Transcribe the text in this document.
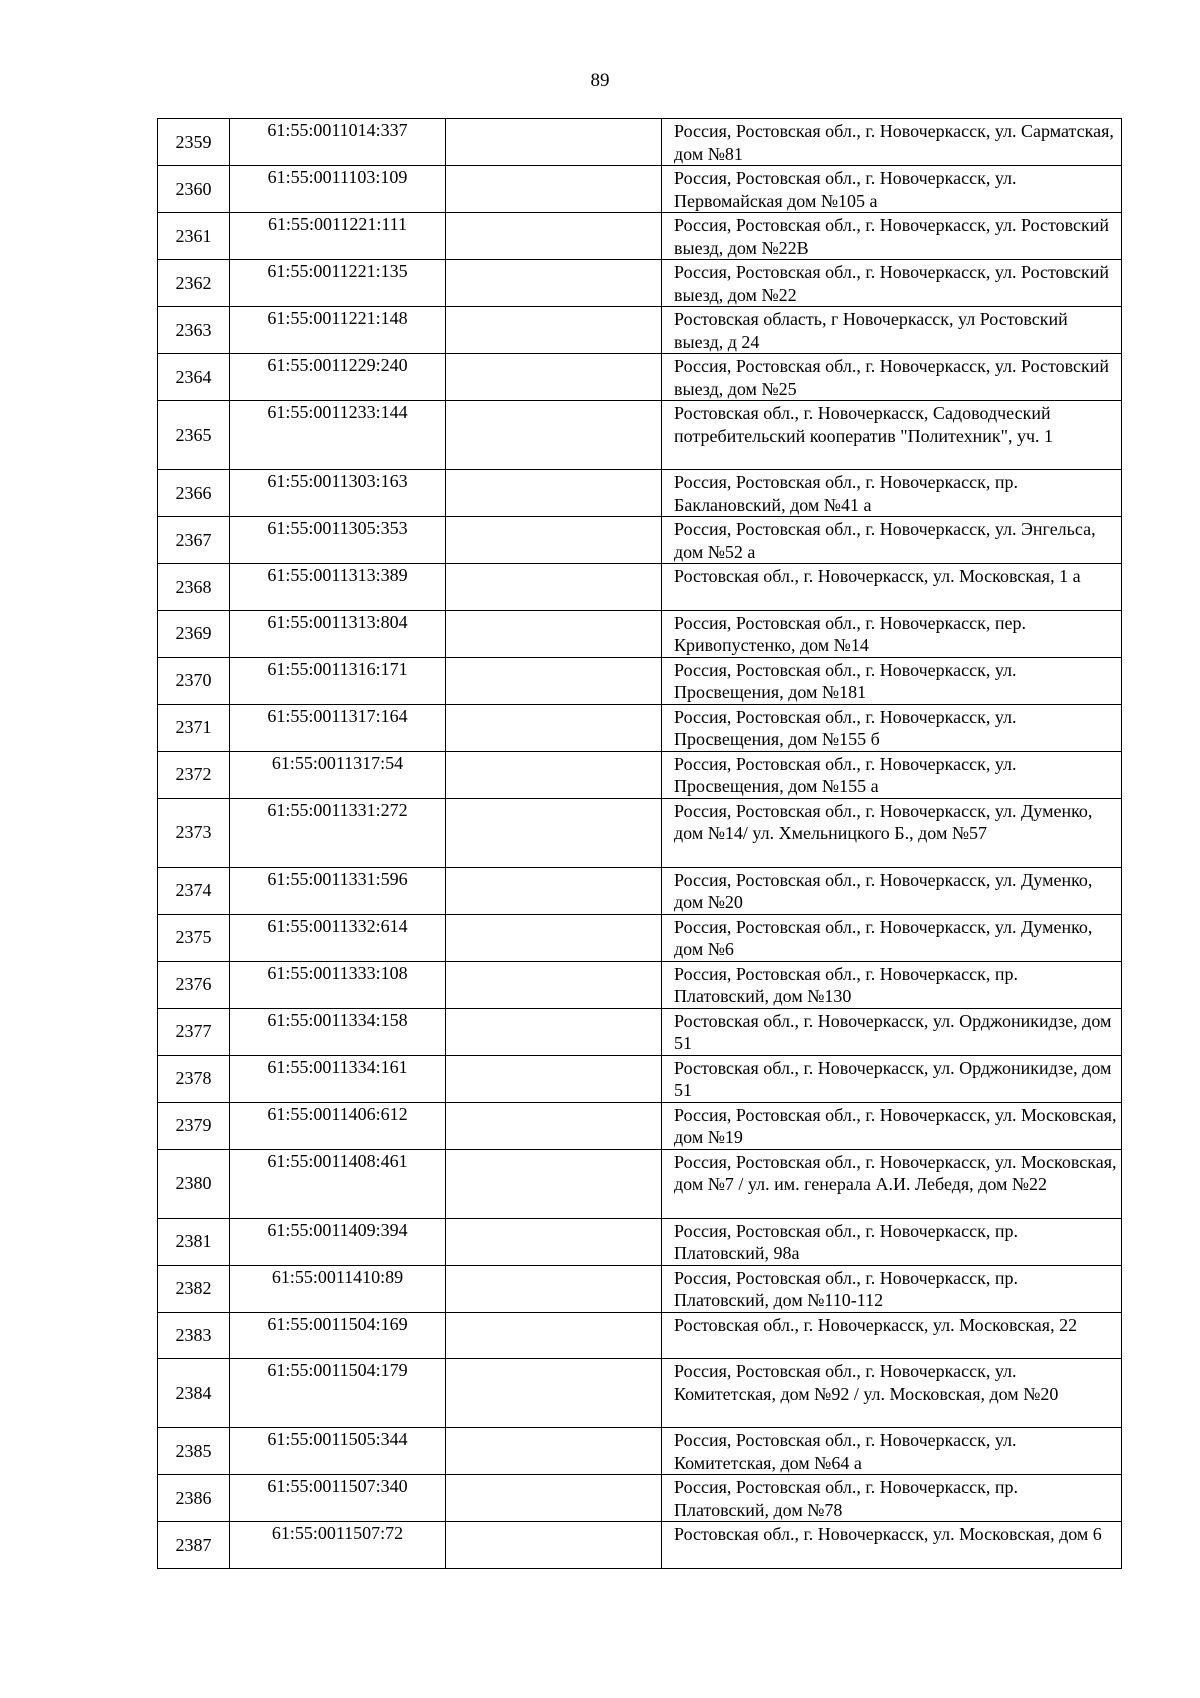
89
2359	61:55:0011014:337		Россия, Ростовская обл., г. Новочеркасск, ул. Сарматская, дом №81
2360	61:55:0011103:109		Россия, Ростовская обл., г. Новочеркасск, ул. Первомайская дом №105 а
2361	61:55:0011221:111		Россия, Ростовская обл., г. Новочеркасск, ул. Ростовский выезд, дом №22В
2362	61:55:0011221:135		Россия, Ростовская обл., г. Новочеркасск, ул. Ростовский выезд, дом №22
2363	61:55:0011221:148		Ростовская область, г Новочеркасск, ул Ростовский выезд, д 24
2364	61:55:0011229:240		Россия, Ростовская обл., г. Новочеркасск, ул. Ростовский выезд, дом №25
2365	61:55:0011233:144		Ростовская обл., г. Новочеркасск, Садоводческий потребительский кооператив "Политехник", уч. 1
2366	61:55:0011303:163		Россия, Ростовская обл., г. Новочеркасск, пр. Баклановский, дом №41 а
2367	61:55:0011305:353		Россия, Ростовская обл., г. Новочеркасск, ул. Энгельса, дом №52 а
2368	61:55:0011313:389		Ростовская обл., г. Новочеркасск, ул. Московская, 1 а
2369	61:55:0011313:804		Россия, Ростовская обл., г. Новочеркасск, пер. Кривопустенко, дом №14
2370	61:55:0011316:171		Россия, Ростовская обл., г. Новочеркасск, ул. Просвещения, дом №181
2371	61:55:0011317:164		Россия, Ростовская обл., г. Новочеркасск, ул. Просвещения, дом №155 б
2372	61:55:0011317:54		Россия, Ростовская обл., г. Новочеркасск, ул. Просвещения, дом №155 а
2373	61:55:0011331:272		Россия, Ростовская обл., г. Новочеркасск, ул. Думенко, дом №14/ ул. Хмельницкого Б., дом №57
2374	61:55:0011331:596		Россия, Ростовская обл., г. Новочеркасск, ул. Думенко, дом №20
2375	61:55:0011332:614		Россия, Ростовская обл., г. Новочеркасск, ул. Думенко, дом №6
2376	61:55:0011333:108		Россия, Ростовская обл., г. Новочеркасск, пр. Платовский, дом №130
2377	61:55:0011334:158		Ростовская обл., г. Новочеркасск, ул. Орджоникидзе, дом 51
2378	61:55:0011334:161		Ростовская обл., г. Новочеркасск, ул. Орджоникидзе, дом 51
2379	61:55:0011406:612		Россия, Ростовская обл., г. Новочеркасск, ул. Московская, дом №19
2380	61:55:0011408:461		Россия, Ростовская обл., г. Новочеркасск, ул. Московская, дом №7 / ул. им. генерала А.И. Лебедя, дом №22
2381	61:55:0011409:394		Россия, Ростовская обл., г. Новочеркасск, пр. Платовский, 98а
2382	61:55:0011410:89		Россия, Ростовская обл., г. Новочеркасск, пр. Платовский, дом №110-112
2383	61:55:0011504:169		Ростовская обл., г. Новочеркасск, ул. Московская, 22
2384	61:55:0011504:179		Россия, Ростовская обл., г. Новочеркасск, ул. Комитетская, дом №92 / ул. Московская, дом №20
2385	61:55:0011505:344		Россия, Ростовская обл., г. Новочеркасск, ул. Комитетская, дом №64 а
2386	61:55:0011507:340		Россия, Ростовская обл., г. Новочеркасск, пр. Платовский, дом №78
2387	61:55:0011507:72		Ростовская обл., г. Новочеркасск, ул. Московская, дом 6
